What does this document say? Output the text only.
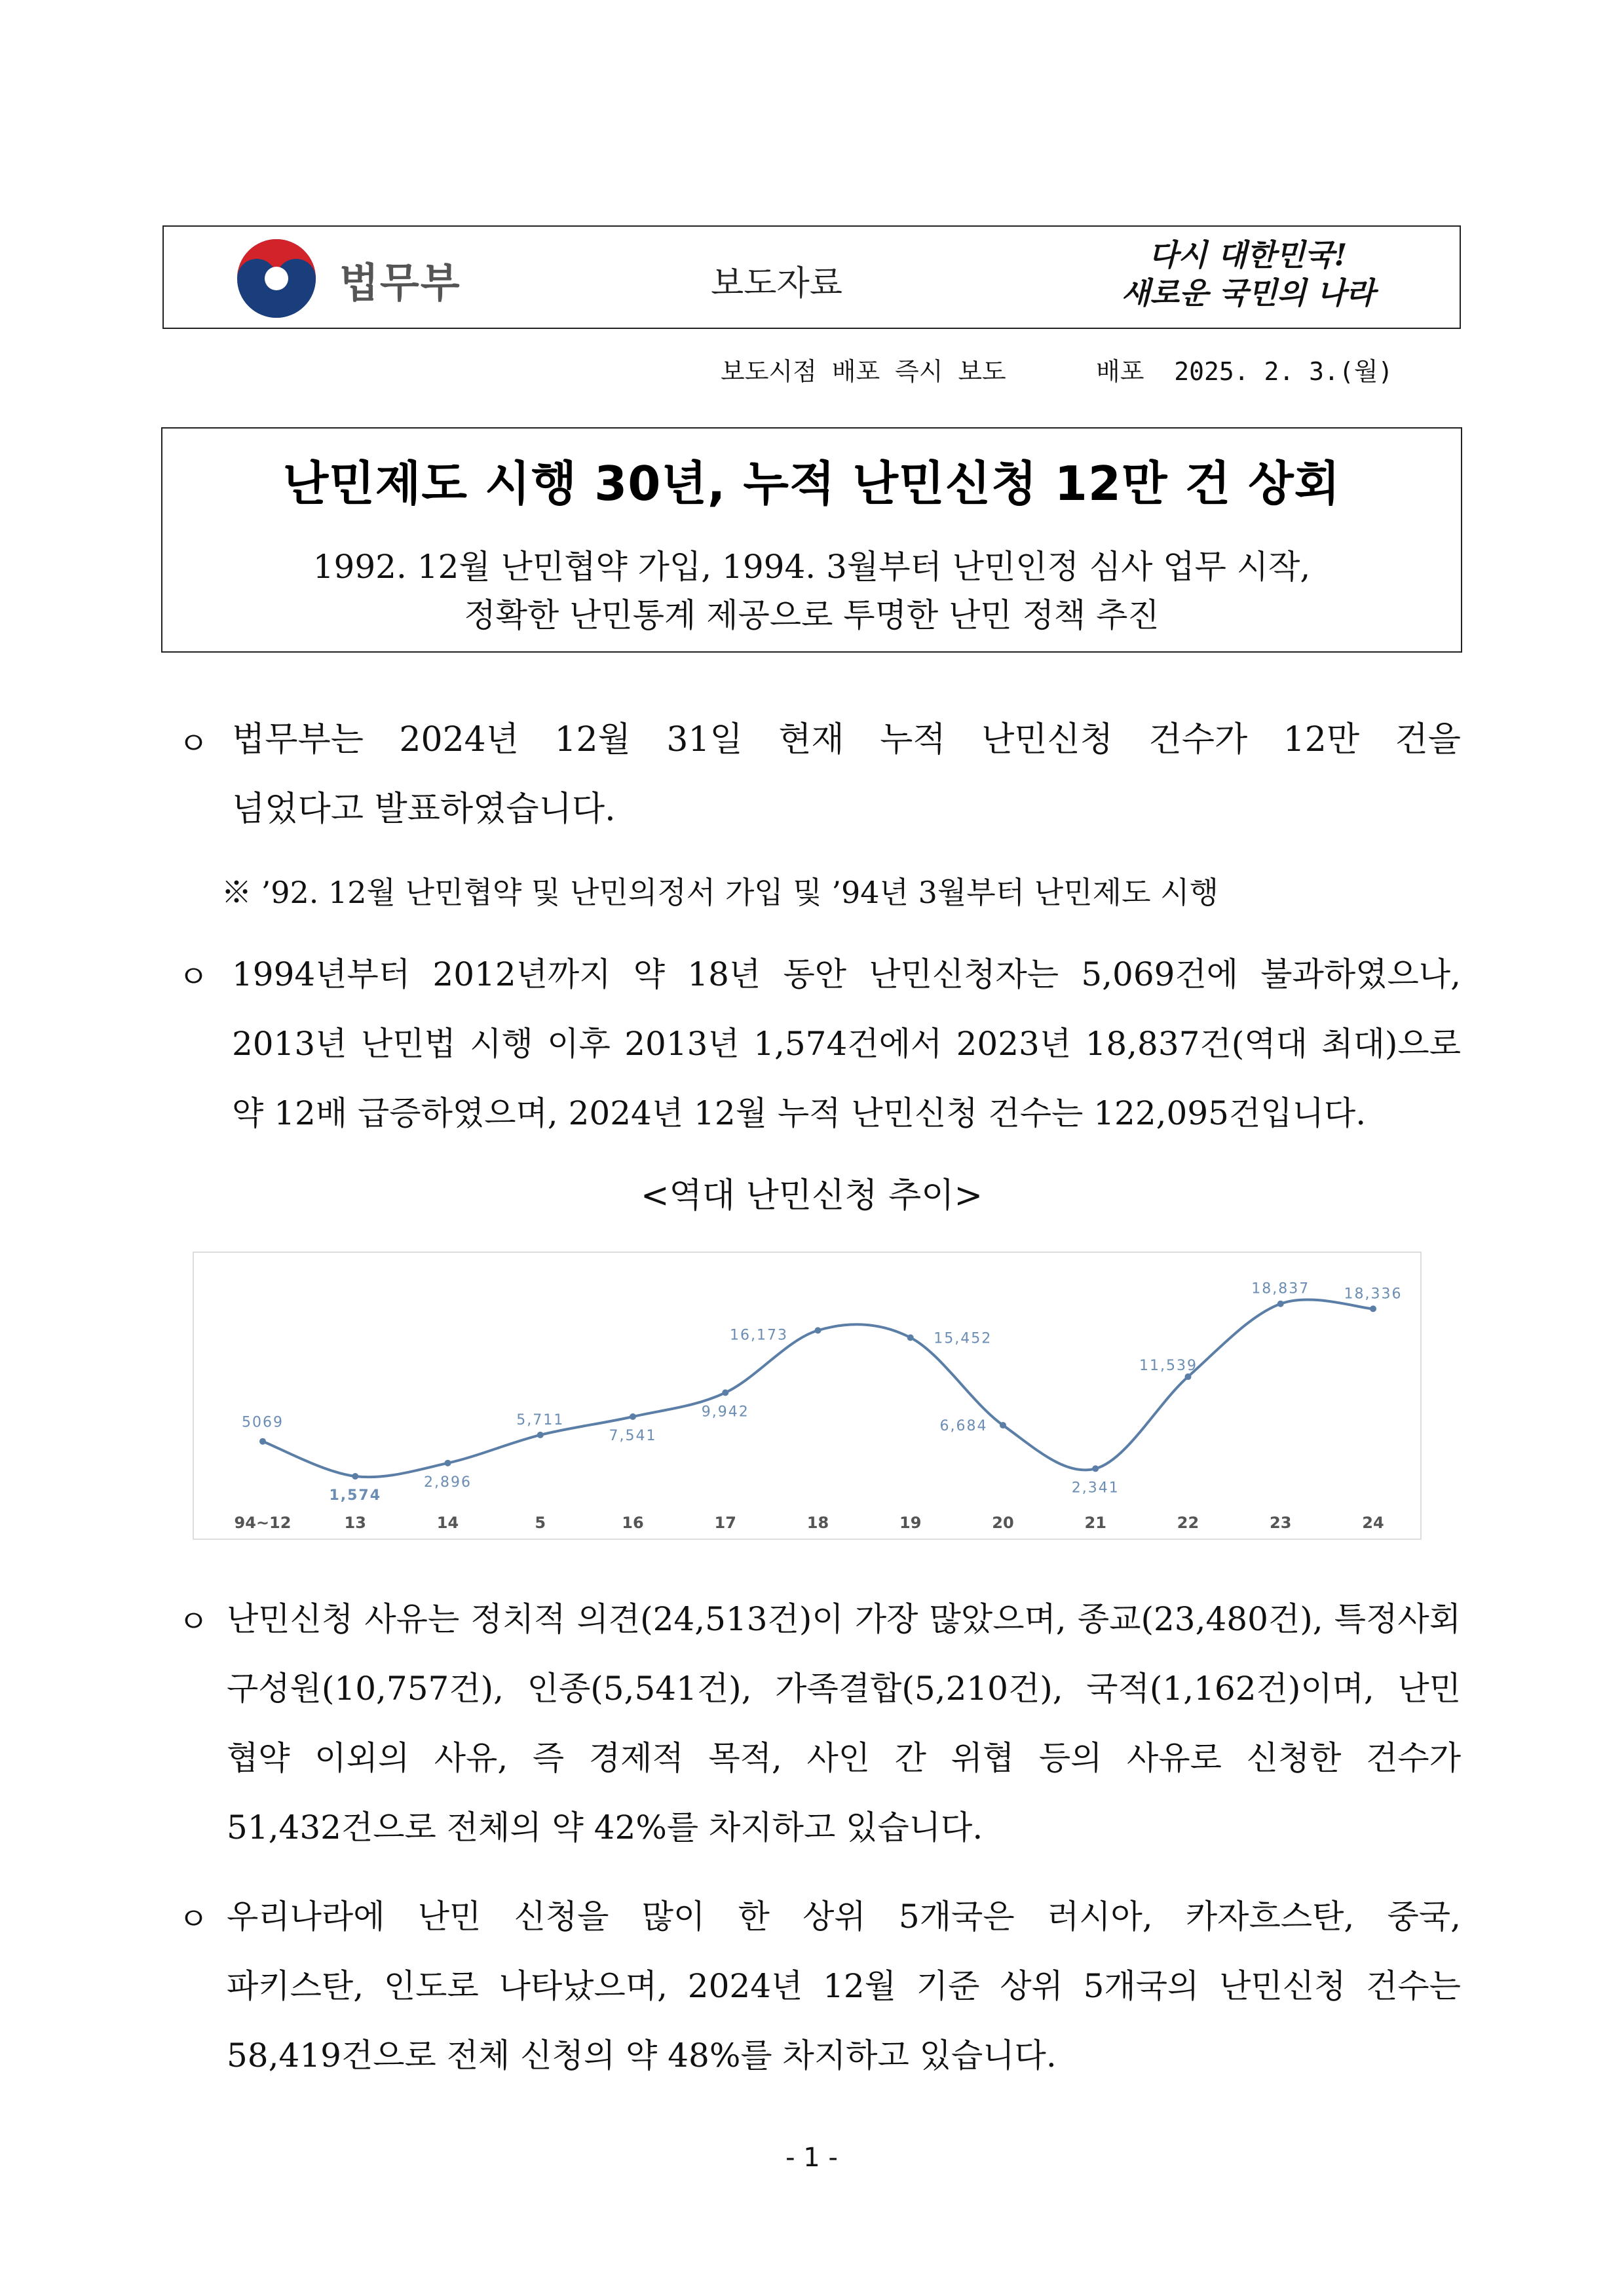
법무부	보도자료
다시 대한민국!
새로운 국민의 나라
보도시점 배포 즉시 보도	배포 2025. 2. 3.(월)
난민제도 시행 30년, 누적 난민신청 12만 건 상회
1992. 12월 난민협약 가입, 1994. 3월부터 난민인정 심사 업무 시작,
정확한 난민통계 제공으로 투명한 난민 정책 추진
ㅇ 법무부는 2024년 12월 31일 현재 누적 난민신청 건수가 12만 건을
넘었다고 발표하였습니다.
※ ’92. 12월 난민협약 및 난민의정서 가입 및 ’94년 3월부터 난민제도 시행
ㅇ 1994년부터 2012년까지 약 18년 동안 난민신청자는 5,069건에 불과하였으나,
2013년 난민법 시행 이후 2013년 1,574건에서 2023년 18,837건(역대 최대)으로
약 12배 급증하였으며, 2024년 12월 누적 난민신청 건수는 122,095건입니다.
<역대 난민신청 추이>
5069
94~12
1,574
13
2,896
14
5,711
5
7,541
16
9,942
17
16,173
18
15,452
19
6,684
20
2,341
21
11,539
22
18,837
23
18,336
24
ㅇ 난민신청 사유는 정치적 의견(24,513건)이 가장 많았으며, 종교(23,480건), 특정사회
구성원(10,757건), 인종(5,541건), 가족결합(5,210건), 국적(1,162건)이며, 난민
협약 이외의 사유, 즉 경제적 목적, 사인 간 위협 등의 사유로 신청한 건수가
51,432건으로 전체의 약 42%를 차지하고 있습니다.
ㅇ 우리나라에 난민 신청을 많이 한 상위 5개국은 러시아, 카자흐스탄, 중국,
파키스탄, 인도로 나타났으며, 2024년 12월 기준 상위 5개국의 난민신청 건수는
58,419건으로 전체 신청의 약 48%를 차지하고 있습니다.
- 1 -
